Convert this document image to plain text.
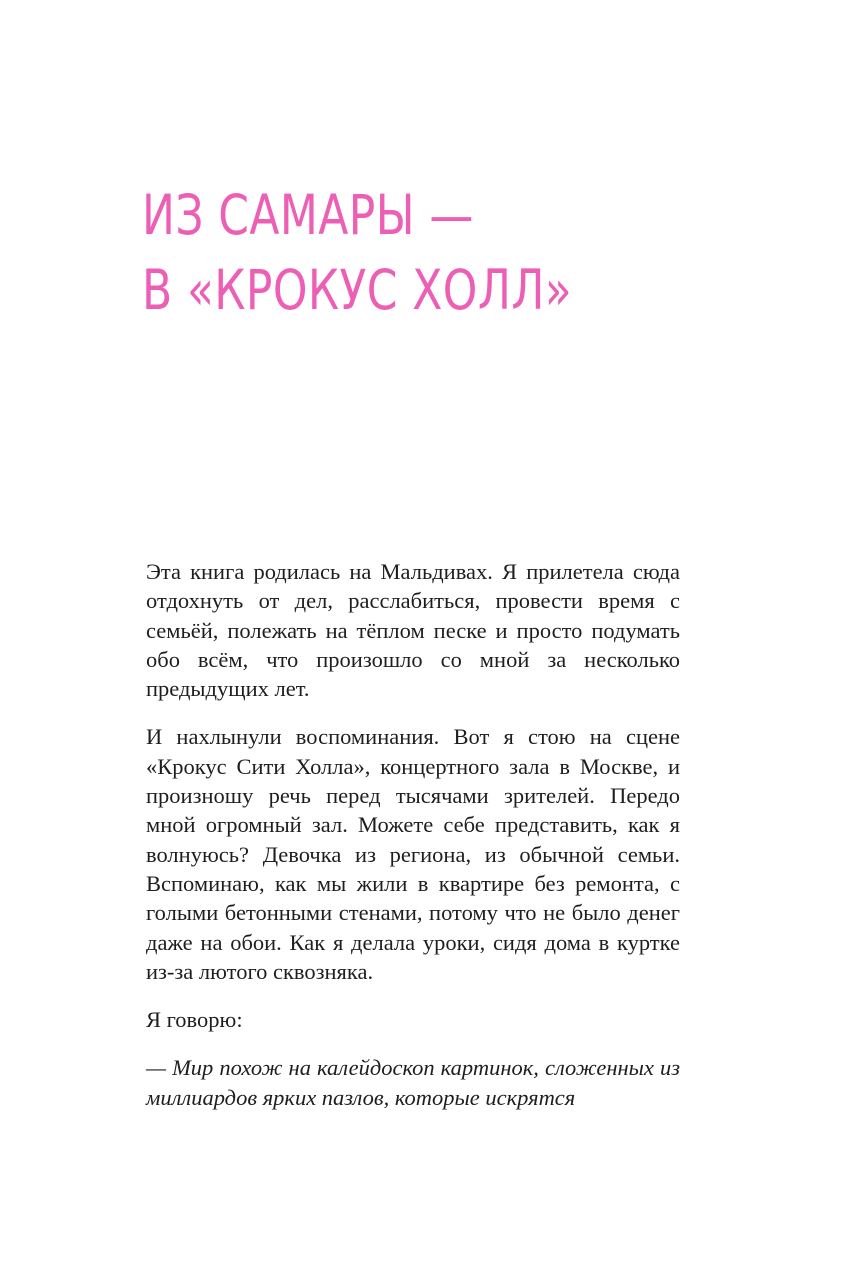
ИЗ САМАРЫ —
В «КРОКУС ХОЛЛ»

Эта книга родилась на Мальдивах. Я прилетела сюда отдохнуть от дел, расслабиться, провести время с семьёй, полежать на тёплом песке и просто подумать обо всём, что произошло со мной за несколько предыдущих лет.

И нахлынули воспоминания. Вот я стою на сцене «Крокус Сити Холла», концертного зала в Москве, и произношу речь перед тысячами зрителей. Передо мной огромный зал. Можете себе представить, как я волнуюсь? Девочка из региона, из обычной семьи. Вспоминаю, как мы жили в квартире без ремонта, с голыми бетонными стенами, потому что не было денег даже на обои. Как я делала уроки, сидя дома в куртке из-за лютого сквозняка.

Я говорю:

— Мир похож на калейдоскоп картинок, сложенных из миллиардов ярких пазлов, которые искрятся
